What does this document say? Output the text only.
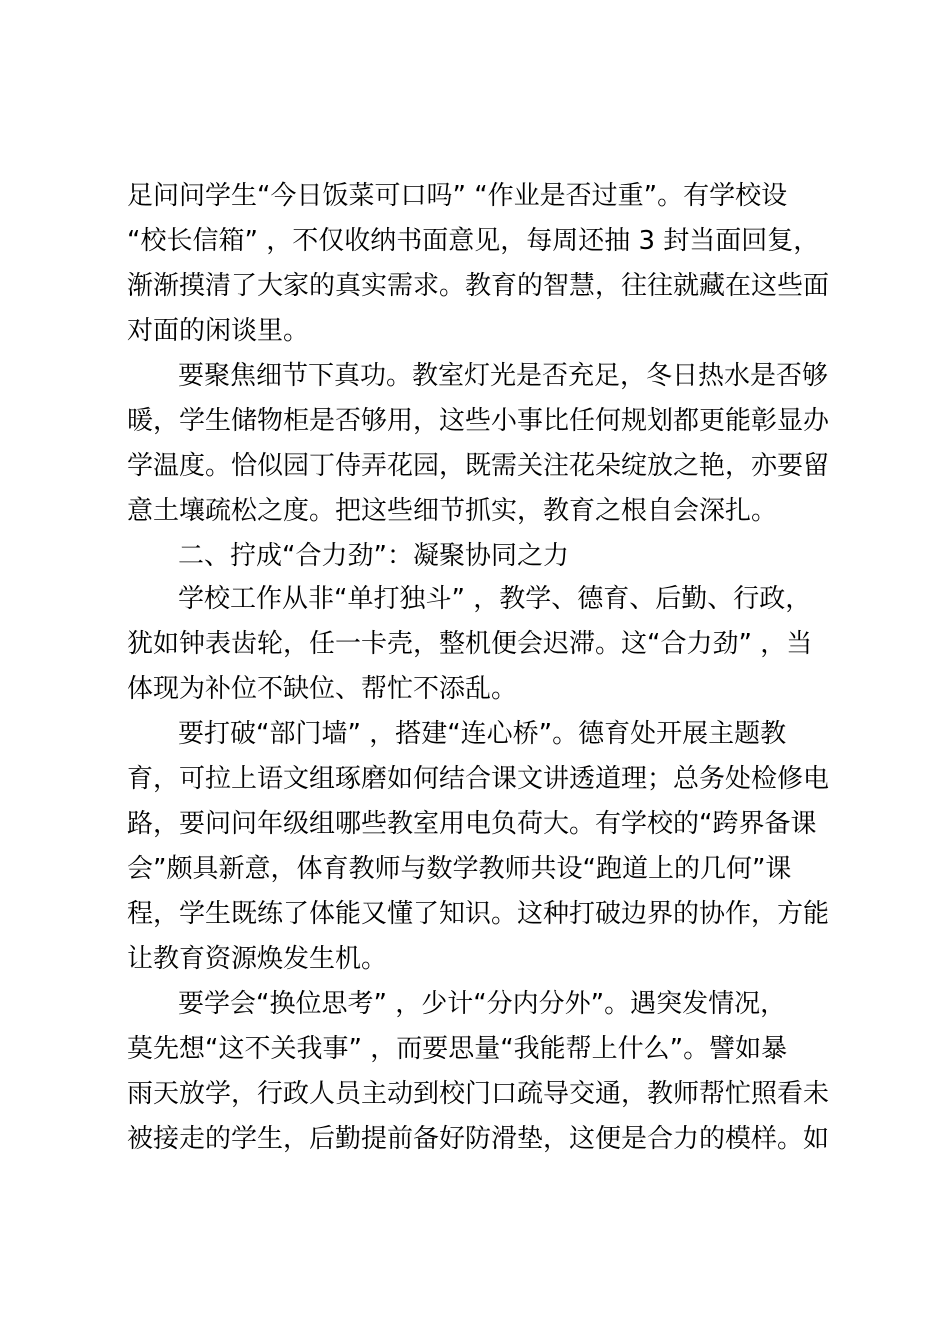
足问问学生“今日饭菜可口吗” “作业是否过重”。有学校设
“校长信箱” ，不仅收纳书面意见，每周还抽 3 封当面回复，
渐渐摸清了大家的真实需求。教育的智慧，往往就藏在这些面
对面的闲谈里。
要聚焦细节下真功。教室灯光是否充足，冬日热水是否够
暖，学生储物柜是否够用，这些小事比任何规划都更能彰显办
学温度。恰似园丁侍弄花园，既需关注花朵绽放之艳，亦要留
意土壤疏松之度。把这些细节抓实，教育之根自会深扎。
二、拧成“合力劲”：凝聚协同之力
学校工作从非“单打独斗” ，教学、德育、后勤、行政，
犹如钟表齿轮，任一卡壳，整机便会迟滞。这“合力劲” ，当
体现为补位不缺位、帮忙不添乱。
要打破“部门墙” ，搭建“连心桥”。德育处开展主题教
育，可拉上语文组琢磨如何结合课文讲透道理；总务处检修电
路，要问问年级组哪些教室用电负荷大。有学校的“跨界备课
会”颇具新意，体育教师与数学教师共设“跑道上的几何”课
程，学生既练了体能又懂了知识。这种打破边界的协作，方能
让教育资源焕发生机。
要学会“换位思考” ，少计“分内分外”。遇突发情况，
莫先想“这不关我事” ，而要思量“我能帮上什么”。譬如暴
雨天放学，行政人员主动到校门口疏导交通，教师帮忙照看未
被接走的学生，后勤提前备好防滑垫，这便是合力的模样。如
